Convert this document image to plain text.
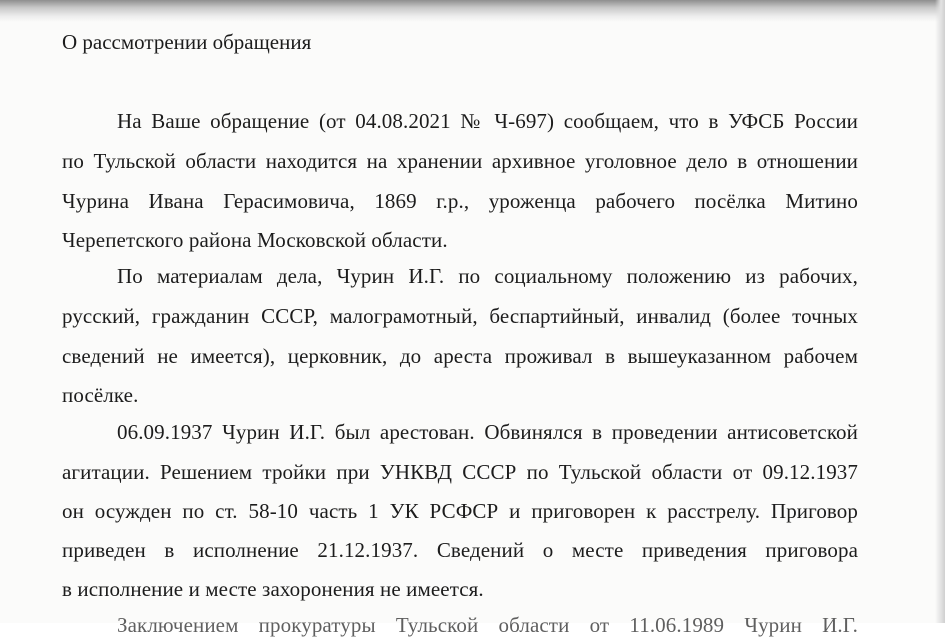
О рассмотрении обращения
На Ваше обращение (от 04.08.2021 № Ч-697) сообщаем, что в УФСБ России
по Тульской области находится на хранении архивное уголовное дело в отношении
Чурина Ивана Герасимовича, 1869 г.р., уроженца рабочего посёлка Митино
Черепетского района Московской области.
По материалам дела, Чурин И.Г. по социальному положению из рабочих,
русский, гражданин СССР, малограмотный, беспартийный, инвалид (более точных
сведений не имеется), церковник, до ареста проживал в вышеуказанном рабочем
посёлке.
06.09.1937 Чурин И.Г. был арестован. Обвинялся в проведении антисоветской
агитации. Решением тройки при УНКВД СССР по Тульской области от 09.12.1937
он осужден по ст. 58-10 часть 1 УК РСФСР и приговорен к расстрелу. Приговор
приведен в исполнение 21.12.1937. Сведений о месте приведения приговора
в исполнение и месте захоронения не имеется.
Заключением прокуратуры Тульской области от 11.06.1989 Чурин И.Г.
